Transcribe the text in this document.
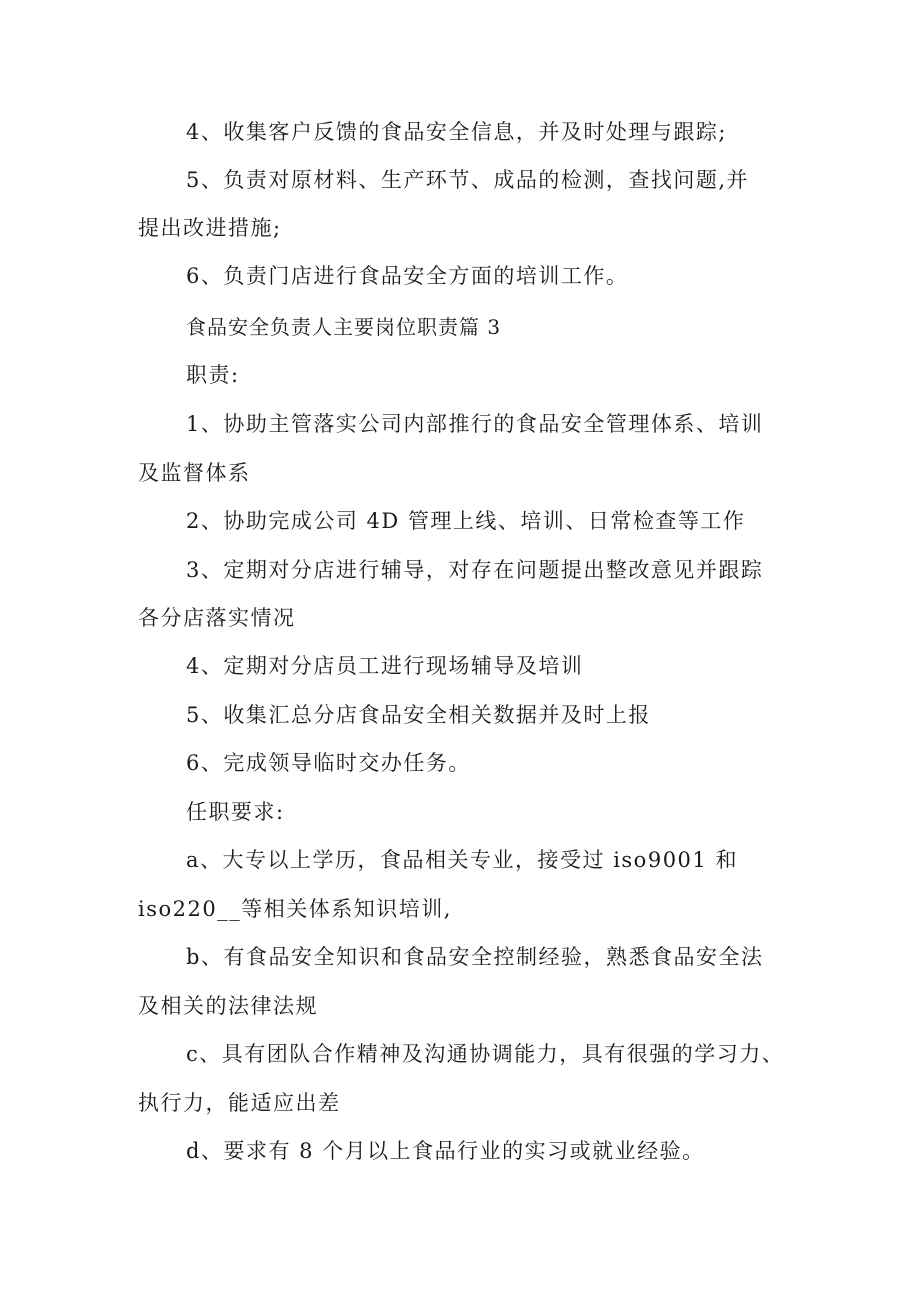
4、收集客户反馈的食品安全信息，并及时处理与跟踪;
5、负责对原材料、生产环节、成品的检测，查找问题,并
提出改进措施;
6、负责门店进行食品安全方面的培训工作。
食品安全负责人主要岗位职责篇 3
职责:
1、协助主管落实公司内部推行的食品安全管理体系、培训
及监督体系
2、协助完成公司 4D 管理上线、培训、日常检查等工作
3、定期对分店进行辅导，对存在问题提出整改意见并跟踪
各分店落实情况
4、定期对分店员工进行现场辅导及培训
5、收集汇总分店食品安全相关数据并及时上报
6、完成领导临时交办任务。
任职要求:
a、大专以上学历，食品相关专业，接受过 iso9001 和
iso220__等相关体系知识培训,
b、有食品安全知识和食品安全控制经验，熟悉食品安全法
及相关的法律法规
c、具有团队合作精神及沟通协调能力，具有很强的学习力、
执行力，能适应出差
d、要求有 8 个月以上食品行业的实习或就业经验。
